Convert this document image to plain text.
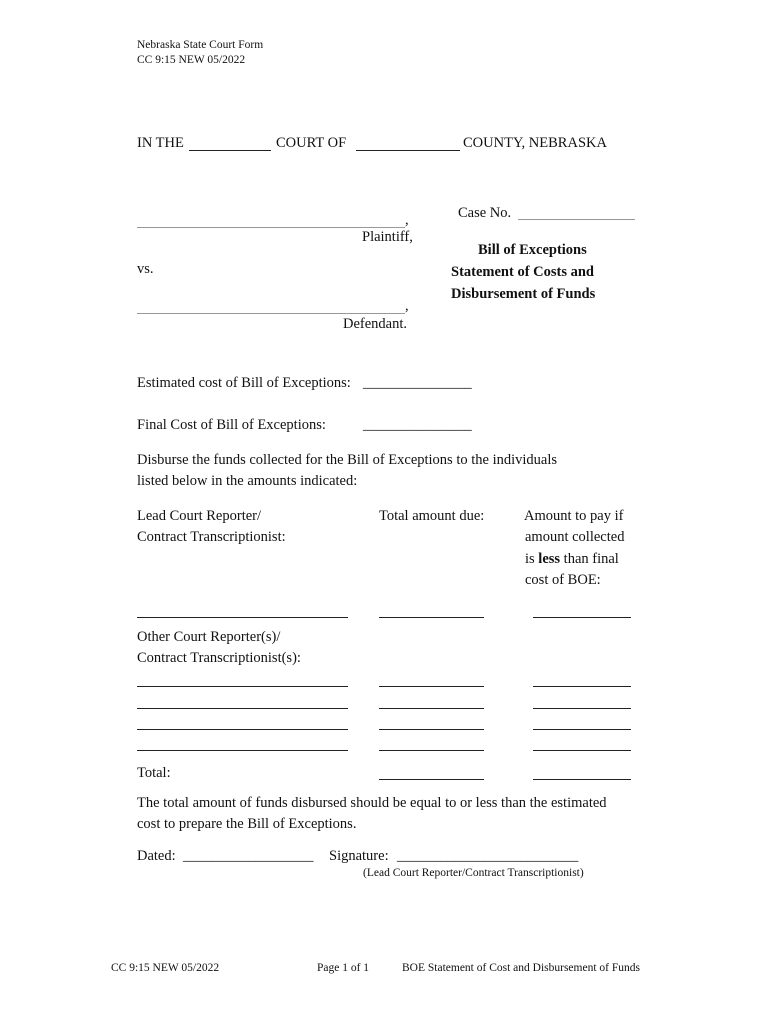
Nebraska State Court Form
CC 9:15 NEW 05/2022
IN THE	COURT OF	COUNTY, NEBRASKA
,
Plaintiff,
vs.
,
Defendant.
Case No.
Bill of Exceptions
Statement of Costs and
Disbursement of Funds
Estimated cost of Bill of Exceptions: _______________
Final Cost of Bill of Exceptions:	_______________
Disburse the funds collected for the Bill of Exceptions to the individuals
listed below in the amounts indicated:
Lead Court Reporter/
Contract Transcriptionist:
Total amount due:	Amount to pay if
amount collected
is less than final
cost of BOE:
Other Court Reporter(s)/
Contract Transcriptionist(s):
Total:
The total amount of funds disbursed should be equal to or less than the estimated
cost to prepare the Bill of Exceptions.
Dated: __________________ Signature: _________________________
(Lead Court Reporter/Contract Transcriptionist)
CC 9:15 NEW 05/2022	Page 1 of 1	BOE Statement of Cost and Disbursement of Funds
